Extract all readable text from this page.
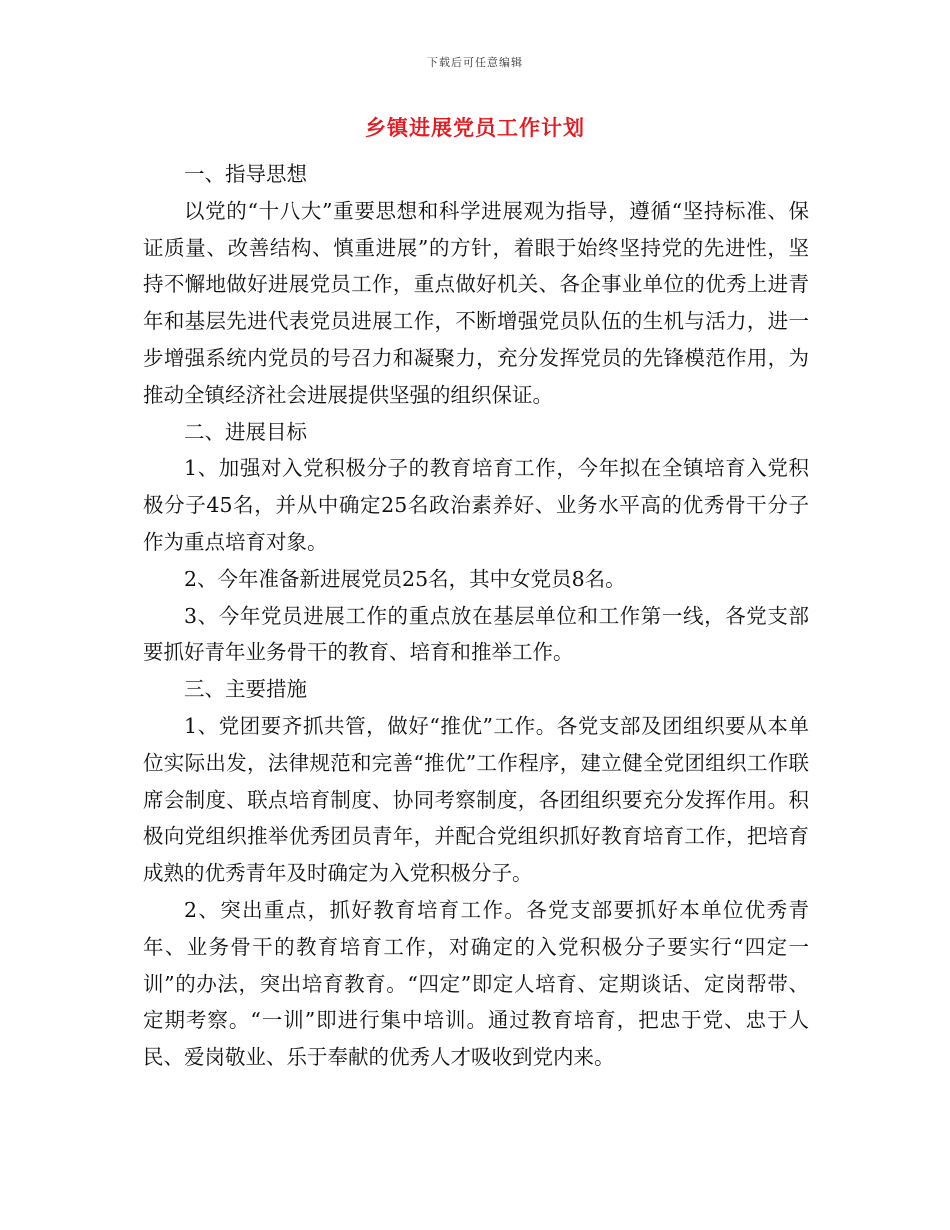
下载后可任意编辑
乡镇进展党员工作计划

一、指导思想

以党的“十八大”重要思想和科学进展观为指导，遵循“坚持标准、保证质量、改善结构、慎重进展”的方针，着眼于始终坚持党的先进性，坚持不懈地做好进展党员工作，重点做好机关、各企事业单位的优秀上进青年和基层先进代表党员进展工作，不断增强党员队伍的生机与活力，进一步增强系统内党员的号召力和凝聚力，充分发挥党员的先锋模范作用，为推动全镇经济社会进展提供坚强的组织保证。

二、进展目标

1、加强对入党积极分子的教育培育工作，今年拟在全镇培育入党积极分子45名，并从中确定25名政治素养好、业务水平高的优秀骨干分子作为重点培育对象。

2、今年准备新进展党员25名，其中女党员8名。

3、今年党员进展工作的重点放在基层单位和工作第一线，各党支部要抓好青年业务骨干的教育、培育和推举工作。

三、主要措施

1、党团要齐抓共管，做好“推优”工作。各党支部及团组织要从本单位实际出发，法律规范和完善“推优”工作程序，建立健全党团组织工作联席会制度、联点培育制度、协同考察制度，各团组织要充分发挥作用。积极向党组织推举优秀团员青年，并配合党组织抓好教育培育工作，把培育成熟的优秀青年及时确定为入党积极分子。

2、突出重点，抓好教育培育工作。各党支部要抓好本单位优秀青年、业务骨干的教育培育工作，对确定的入党积极分子要实行“四定一训”的办法，突出培育教育。“四定”即定人培育、定期谈话、定岗帮带、定期考察。“一训”即进行集中培训。通过教育培育，把忠于党、忠于人民、爱岗敬业、乐于奉献的优秀人才吸收到党内来。
